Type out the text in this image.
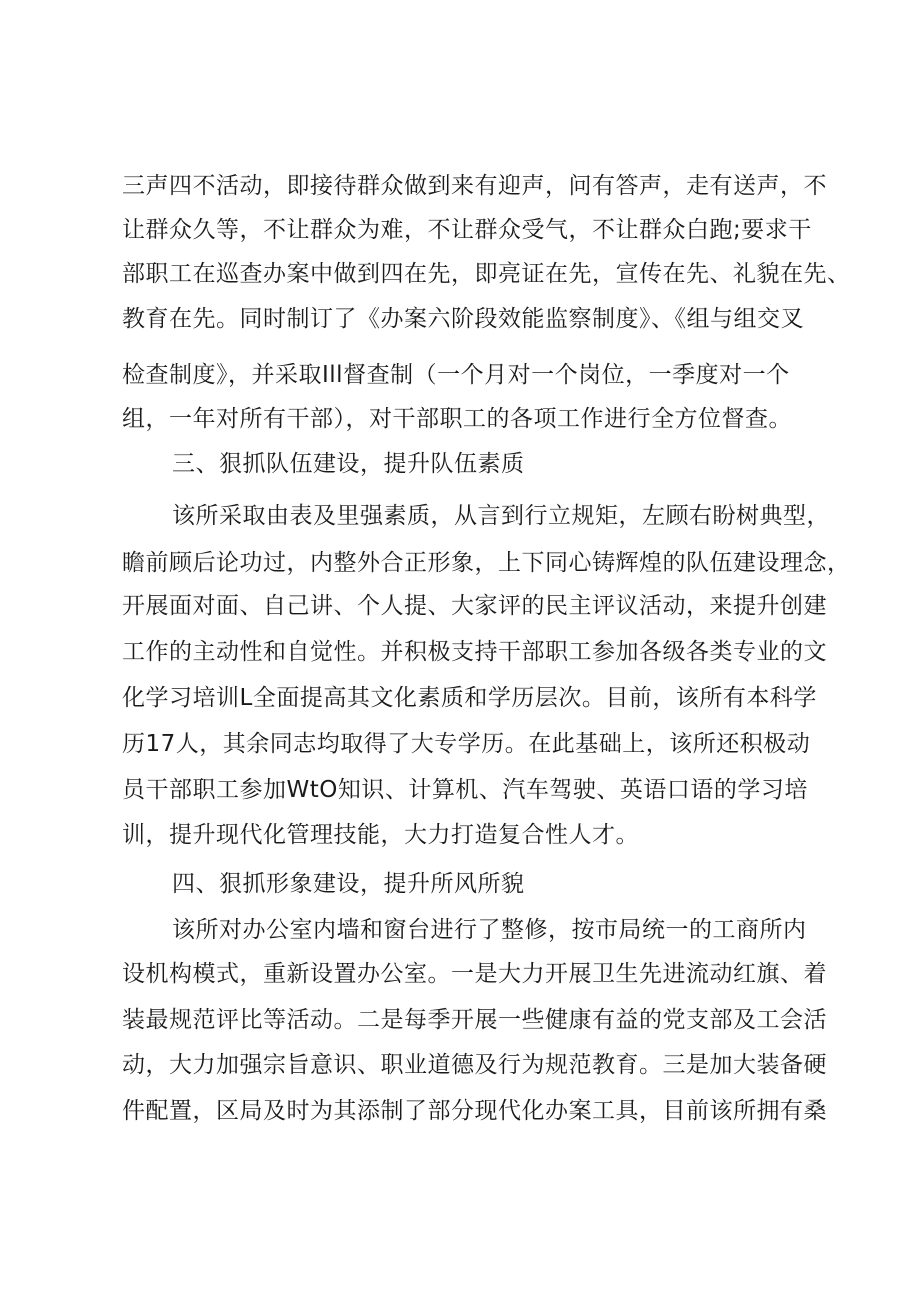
三声四不活动，即接待群众做到来有迎声，问有答声，走有送声，不
让群众久等，不让群众为难，不让群众受气，不让群众白跑;要求干
部职工在巡查办案中做到四在先，即亮证在先，宣传在先、礼貌在先、
教育在先。同时制订了《办案六阶段效能监察制度》、《组与组交叉
检查制度》，并采取Ill督查制（一个月对一个岗位，一季度对一个
组，一年对所有干部），对干部职工的各项工作进行全方位督查。
三、狠抓队伍建设，提升队伍素质
该所采取由表及里强素质，从言到行立规矩，左顾右盼树典型，
瞻前顾后论功过，内整外合正形象，上下同心铸辉煌的队伍建设理念，
开展面对面、自己讲、个人提、大家评的民主评议活动，来提升创建
工作的主动性和自觉性。并积极支持干部职工参加各级各类专业的文
化学习培训L全面提高其文化素质和学历层次。目前，该所有本科学
历17人，其余同志均取得了大专学历。在此基础上，该所还积极动
员干部职工参加WtO知识、计算机、汽车驾驶、英语口语的学习培
训，提升现代化管理技能，大力打造复合性人才。
四、狠抓形象建设，提升所风所貌
该所对办公室内墙和窗台进行了整修，按市局统一的工商所内
设机构模式，重新设置办公室。一是大力开展卫生先进流动红旗、着
装最规范评比等活动。二是每季开展一些健康有益的党支部及工会活
动，大力加强宗旨意识、职业道德及行为规范教育。三是加大装备硬
件配置，区局及时为其添制了部分现代化办案工具，目前该所拥有桑
